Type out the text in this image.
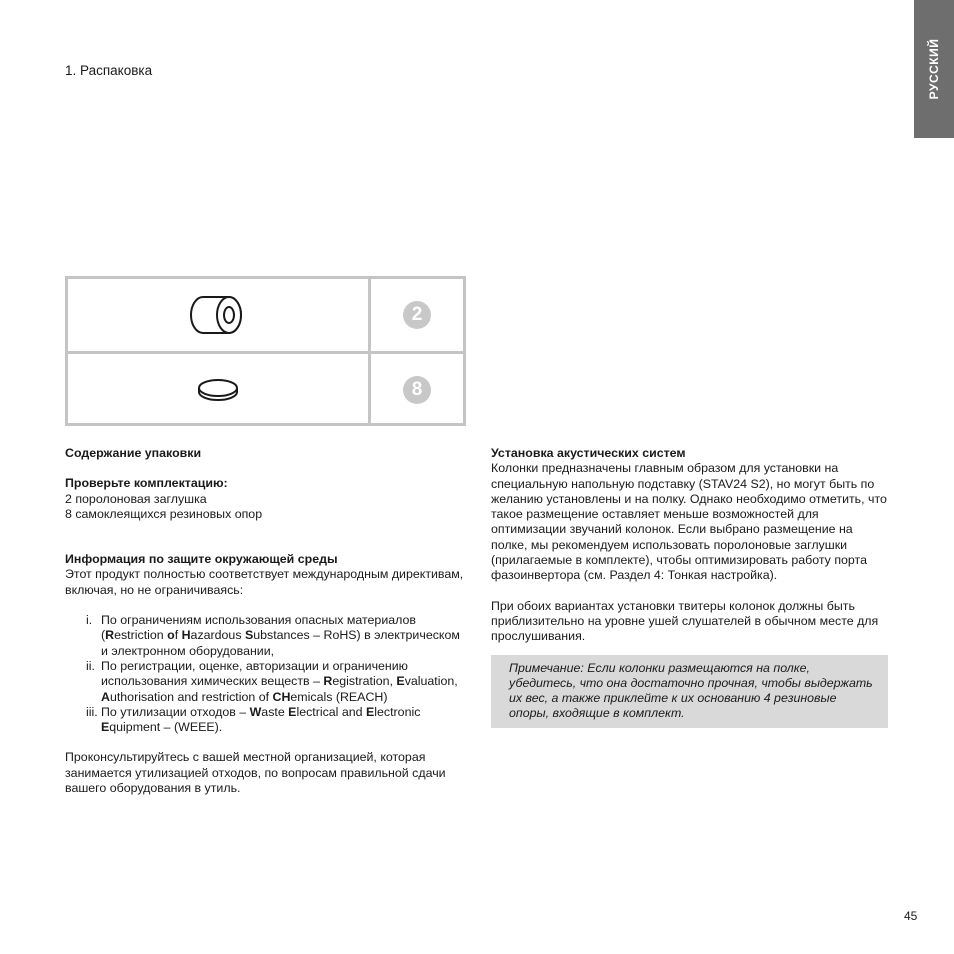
РУССКИЙ
1. Распаковка
2
8

Содержание упаковки

Проверьте комплектацию:

2 поролоновая заглушка

8 самоклеящихся резиновых опор

Информация по защите окружающей среды

Этот продукт полностью соответствует международным директивам, включая, но не ограничиваясь:

i. По ограничениям использования опасных материалов (Restriction of Hazardous Substances – RoHS) в электрическом и электронном оборудовании,
ii. По регистрации, оценке, авторизации и ограничению использования химических веществ – Registration, Evaluation, Authorisation and restriction of CHemicals (REACH)
iii. По утилизации отходов – Waste Electrical and Electronic Equipment – (WEEE).

Проконсультируйтесь с вашей местной организацией, которая занимается утилизацией отходов, по вопросам правильной сдачи вашего оборудования в утиль.

Установка акустических систем

Колонки предназначены главным образом для установки на специальную напольную подставку (STAV24 S2), но могут быть по желанию установлены и на полку. Однако необходимо отметить, что такое размещение оставляет меньше возможностей для оптимизации звучаний колонок. Если выбрано размещение на полке, мы рекомендуем использовать поролоновые заглушки (прилагаемые в комплекте), чтобы оптимизировать работу порта фазоинвертора (см. Раздел 4: Тонкая настройка).

При обоих вариантах установки твитеры колонок должны быть приблизительно на уровне ушей слушателей в обычном месте для прослушивания.

Примечание: Если колонки размещаются на полке, убедитесь, что она достаточно прочная, чтобы выдержать их вес, а также приклейте к их основанию 4 резиновые опоры, входящие в комплект.
45
